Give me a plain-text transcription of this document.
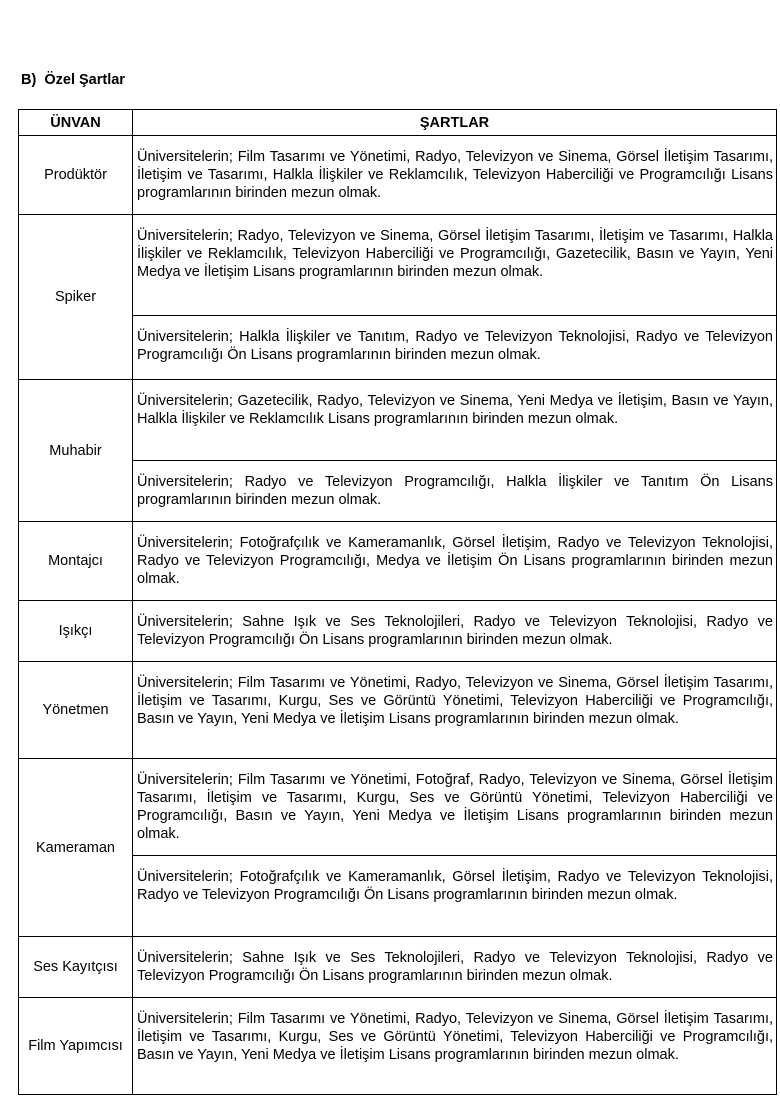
B)  Özel Şartlar
ÜNVAN	ŞARTLAR
Prodüktör	Üniversitelerin; Film Tasarımı ve Yönetimi, Radyo, Televizyon ve Sinema, Görsel İletişim Tasarımı, İletişim ve Tasarımı, Halkla İlişkiler ve Reklamcılık, Televizyon Haberciliği ve Programcılığı Lisans programlarının birinden mezun olmak.

Spiker	Üniversitelerin; Radyo, Televizyon ve Sinema, Görsel İletişim Tasarımı, İletişim ve Tasarımı, Halkla İlişkiler ve Reklamcılık, Televizyon Haberciliği ve Programcılığı, Gazetecilik, Basın ve Yayın, Yeni Medya ve İletişim Lisans programlarının birinden mezun olmak.

	Üniversitelerin; Halkla İlişkiler ve Tanıtım, Radyo ve Televizyon Teknolojisi, Radyo ve Televizyon Programcılığı Ön Lisans programlarının birinden mezun olmak.

Muhabir	Üniversitelerin; Gazetecilik, Radyo, Televizyon ve Sinema, Yeni Medya ve İletişim, Basın ve Yayın, Halkla İlişkiler ve Reklamcılık Lisans programlarının birinden mezun olmak.

	Üniversitelerin; Radyo ve Televizyon Programcılığı, Halkla İlişkiler ve Tanıtım Ön Lisans programlarının birinden mezun olmak.

Montajcı	Üniversitelerin; Fotoğrafçılık ve Kameramanlık, Görsel İletişim, Radyo ve Televizyon Teknolojisi, Radyo ve Televizyon Programcılığı, Medya ve İletişim Ön Lisans programlarının birinden mezun olmak.

Işıkçı	Üniversitelerin; Sahne Işık ve Ses Teknolojileri, Radyo ve Televizyon Teknolojisi, Radyo ve Televizyon Programcılığı Ön Lisans programlarının birinden mezun olmak.

Yönetmen	Üniversitelerin; Film Tasarımı ve Yönetimi, Radyo, Televizyon ve Sinema, Görsel İletişim Tasarımı, İletişim ve Tasarımı, Kurgu, Ses ve Görüntü Yönetimi, Televizyon Haberciliği ve Programcılığı, Basın ve Yayın, Yeni Medya ve İletişim Lisans programlarının birinden mezun olmak.

Kameraman	Üniversitelerin; Film Tasarımı ve Yönetimi, Fotoğraf, Radyo, Televizyon ve Sinema, Görsel İletişim Tasarımı, İletişim ve Tasarımı, Kurgu, Ses ve Görüntü Yönetimi, Televizyon Haberciliği ve Programcılığı, Basın ve Yayın, Yeni Medya ve İletişim Lisans programlarının birinden mezun olmak.

	Üniversitelerin; Fotoğrafçılık ve Kameramanlık, Görsel İletişim, Radyo ve Televizyon Teknolojisi, Radyo ve Televizyon Programcılığı Ön Lisans programlarının birinden mezun olmak.

Ses Kayıtçısı	Üniversitelerin; Sahne Işık ve Ses Teknolojileri, Radyo ve Televizyon Teknolojisi, Radyo ve Televizyon Programcılığı Ön Lisans programlarının birinden mezun olmak.

Film Yapımcısı	Üniversitelerin; Film Tasarımı ve Yönetimi, Radyo, Televizyon ve Sinema, Görsel İletişim Tasarımı, İletişim ve Tasarımı, Kurgu, Ses ve Görüntü Yönetimi, Televizyon Haberciliği ve Programcılığı, Basın ve Yayın, Yeni Medya ve İletişim Lisans programlarının birinden mezun olmak.
